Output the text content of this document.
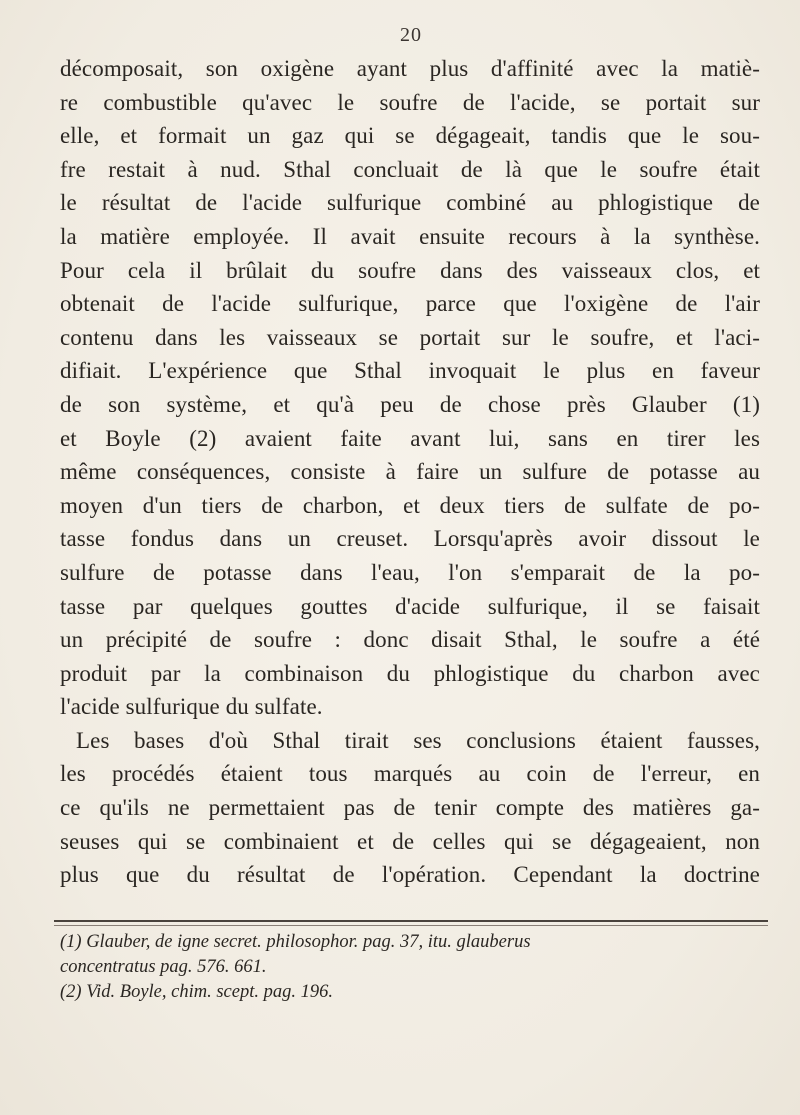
20
décomposait, son oxigène ayant plus d'affinité avec la matiè-
re combustible qu'avec le soufre de l'acide, se portait sur
elle, et formait un gaz qui se dégageait, tandis que le sou-
fre restait à nud. Sthal concluait de là que le soufre était
le résultat de l'acide sulfurique combiné au phlogistique de
la matière employée. Il avait ensuite recours à la synthèse.
Pour cela il brûlait du soufre dans des vaisseaux clos, et
obtenait de l'acide sulfurique, parce que l'oxigène de l'air
contenu dans les vaisseaux se portait sur le soufre, et l'aci-
difiait. L'expérience que Sthal invoquait le plus en faveur
de son système, et qu'à peu de chose près Glauber (1)
et Boyle (2) avaient faite avant lui, sans en tirer les
même conséquences, consiste à faire un sulfure de potasse au
moyen d'un tiers de charbon, et deux tiers de sulfate de po-
tasse fondus dans un creuset. Lorsqu'après avoir dissout le
sulfure de potasse dans l'eau, l'on s'emparait de la po-
tasse par quelques gouttes d'acide sulfurique, il se faisait
un précipité de soufre : donc disait Sthal, le soufre a été
produit par la combinaison du phlogistique du charbon avec
l'acide sulfurique du sulfate.
Les bases d'où Sthal tirait ses conclusions étaient fausses,
les procédés étaient tous marqués au coin de l'erreur, en
ce qu'ils ne permettaient pas de tenir compte des matières ga-
seuses qui se combinaient et de celles qui se dégageaient, non
plus que du résultat de l'opération. Cependant la doctrine
(1) Glauber, de igne secret. philosophor. pag. 37, itu. glauberus
concentratus pag. 576. 661.
(2) Vid. Boyle, chim. scept. pag. 196.
